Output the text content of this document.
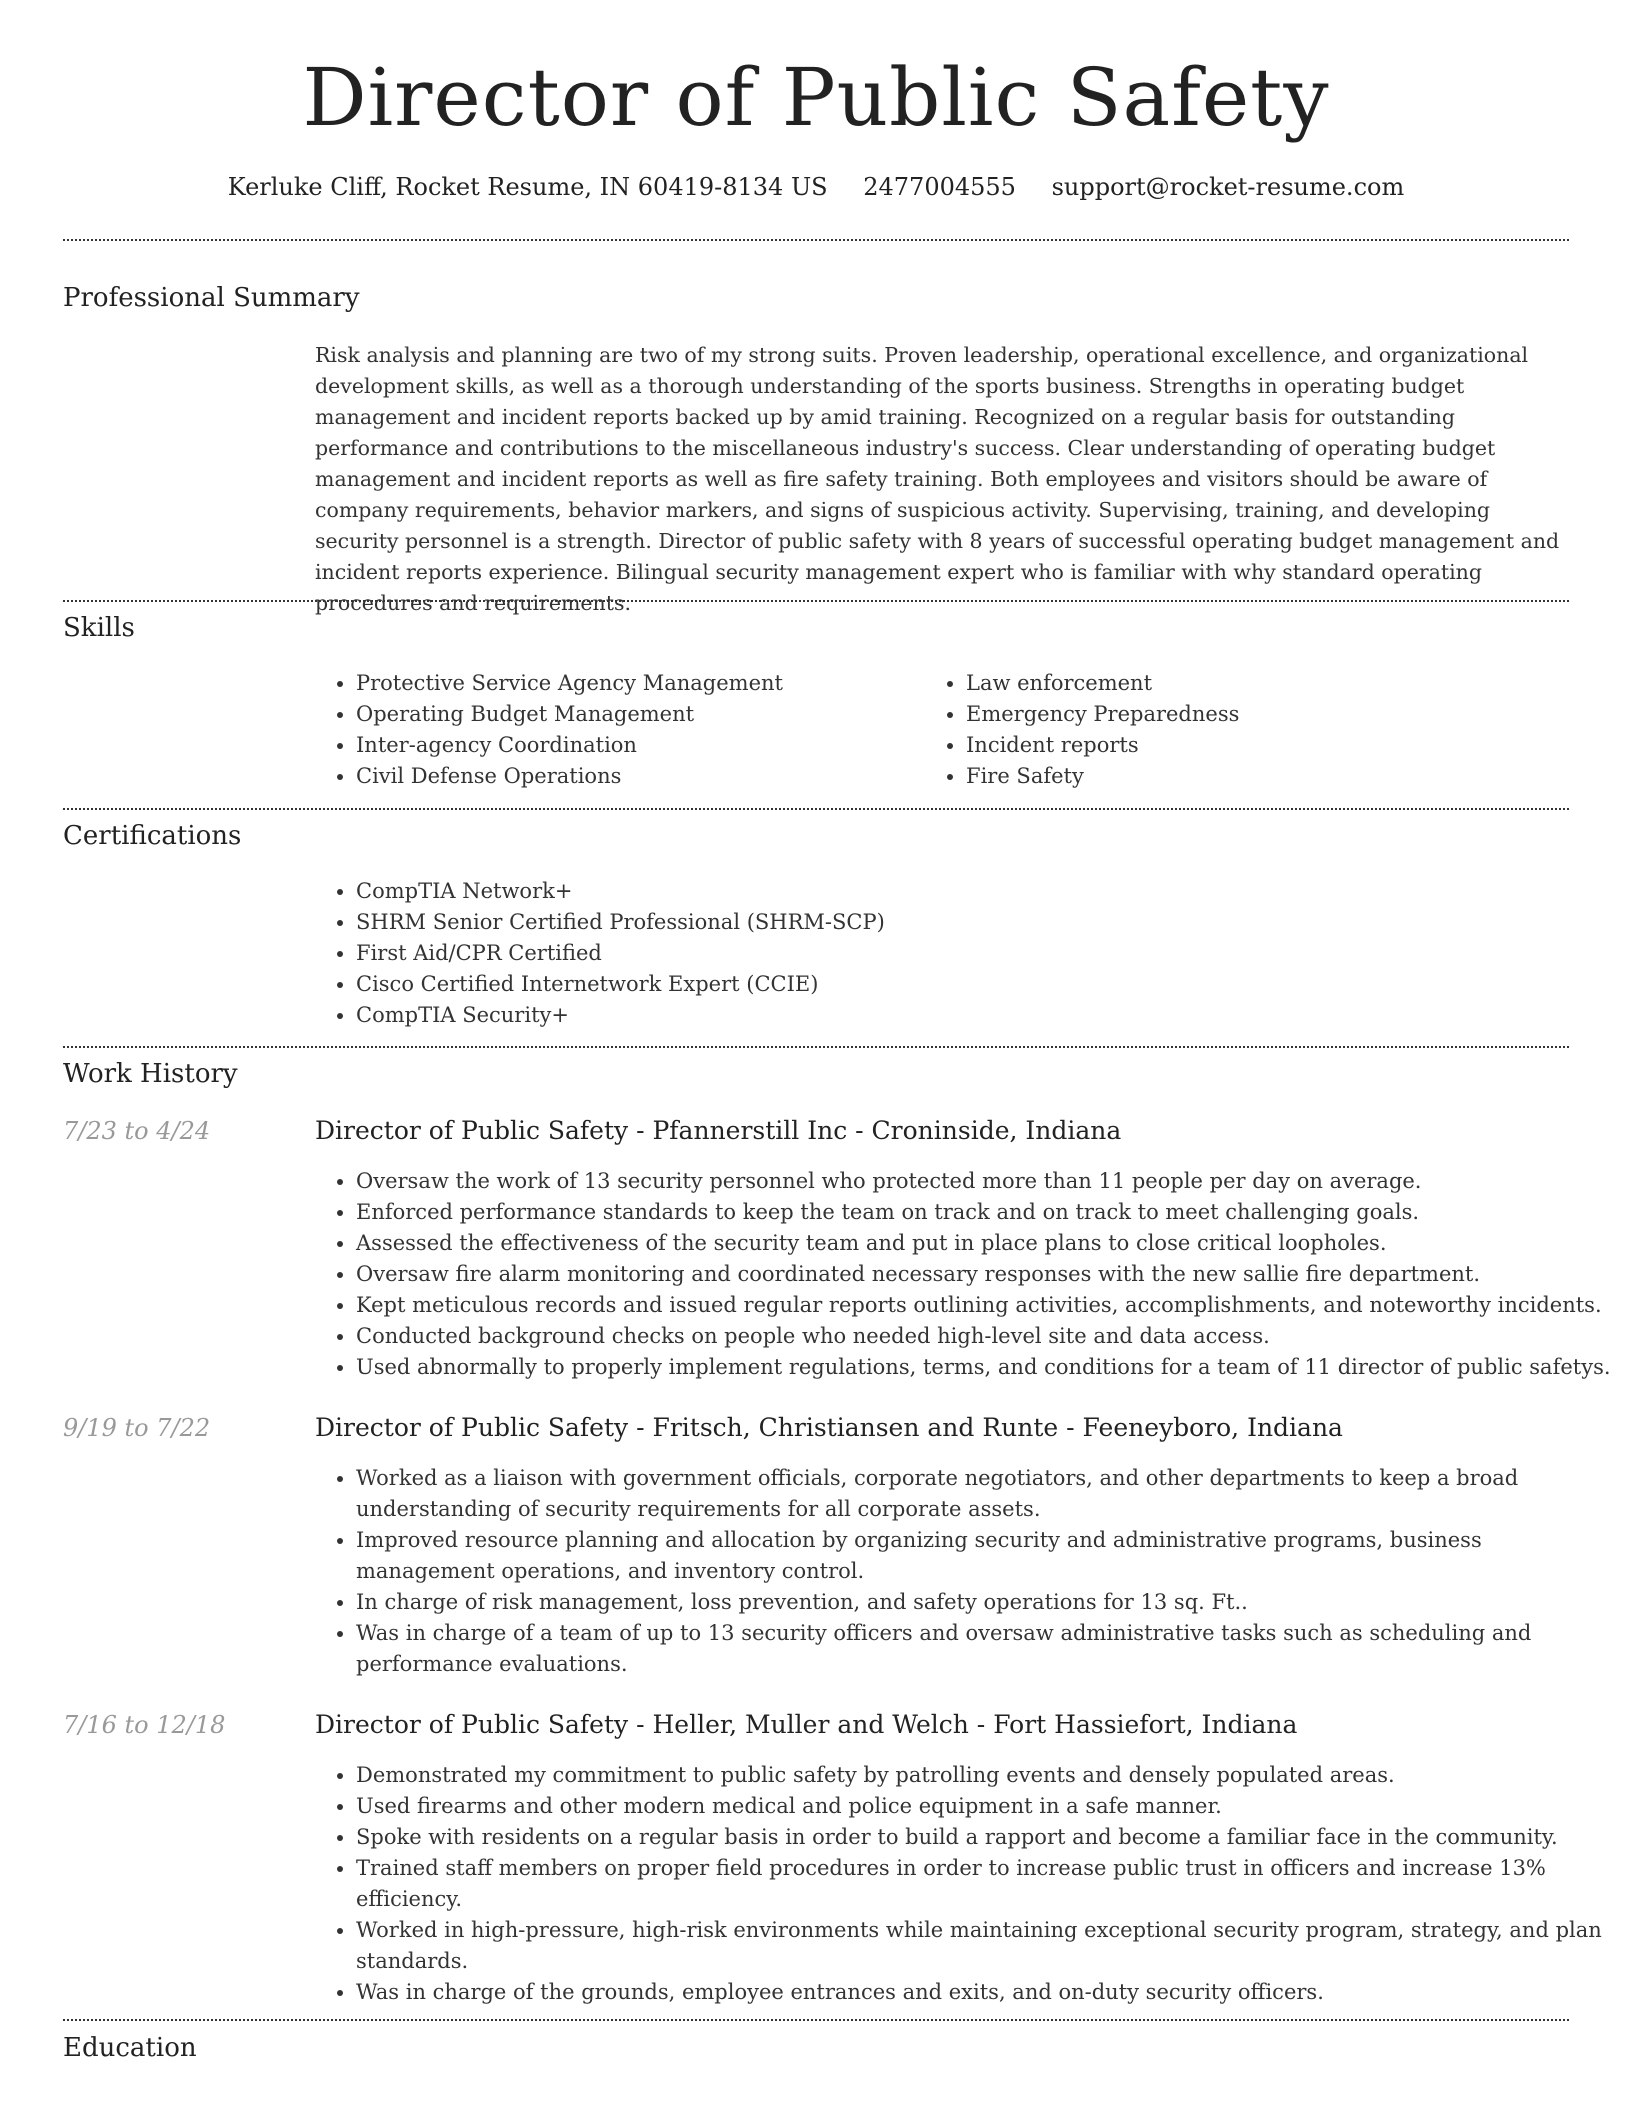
Director of Public Safety
Kerluke Cliff, Rocket Resume, IN 60419-8134 US 2477004555 support@rocket-resume.com
Professional Summary

Risk analysis and planning are two of my strong suits. Proven leadership, operational excellence, and organizational development skills, as well as a thorough understanding of the sports business. Strengths in operating budget management and incident reports backed up by amid training. Recognized on a regular basis for outstanding performance and contributions to the miscellaneous industry's success. Clear understanding of operating budget management and incident reports as well as fire safety training. Both employees and visitors should be aware of company requirements, behavior markers, and signs of suspicious activity. Supervising, training, and developing security personnel is a strength. Director of public safety with 8 years of successful operating budget management and incident reports experience. Bilingual security management expert who is familiar with why standard operating procedures and requirements.

Skills
• Protective Service Agency Management
• Operating Budget Management
• Inter-agency Coordination
• Civil Defense Operations
• Law enforcement
• Emergency Preparedness
• Incident reports
• Fire Safety
Certifications
• CompTIA Network+
• SHRM Senior Certified Professional (SHRM-SCP)
• First Aid/CPR Certified
• Cisco Certified Internetwork Expert (CCIE)
• CompTIA Security+
Work History
7/23 to 4/24	Director of Public Safety - Pfannerstill Inc - Croninside, Indiana
• Oversaw the work of 13 security personnel who protected more than 11 people per day on average.
• Enforced performance standards to keep the team on track and on track to meet challenging goals.
• Assessed the effectiveness of the security team and put in place plans to close critical loopholes.
• Oversaw fire alarm monitoring and coordinated necessary responses with the new sallie fire department.
• Kept meticulous records and issued regular reports outlining activities, accomplishments, and noteworthy incidents.
• Conducted background checks on people who needed high-level site and data access.
• Used abnormally to properly implement regulations, terms, and conditions for a team of 11 director of public safetys.
9/19 to 7/22	Director of Public Safety - Fritsch, Christiansen and Runte - Feeneyboro, Indiana
• Worked as a liaison with government officials, corporate negotiators, and other departments to keep a broad understanding of security requirements for all corporate assets.
• Improved resource planning and allocation by organizing security and administrative programs, business management operations, and inventory control.
• In charge of risk management, loss prevention, and safety operations for 13 sq. Ft..
• Was in charge of a team of up to 13 security officers and oversaw administrative tasks such as scheduling and performance evaluations.
7/16 to 12/18	Director of Public Safety - Heller, Muller and Welch - Fort Hassiefort, Indiana
• Demonstrated my commitment to public safety by patrolling events and densely populated areas.
• Used firearms and other modern medical and police equipment in a safe manner.
• Spoke with residents on a regular basis in order to build a rapport and become a familiar face in the community.
• Trained staff members on proper field procedures in order to increase public trust in officers and increase 13% efficiency.
• Worked in high-pressure, high-risk environments while maintaining exceptional security program, strategy, and plan standards.
• Was in charge of the grounds, employee entrances and exits, and on-duty security officers.
Education
